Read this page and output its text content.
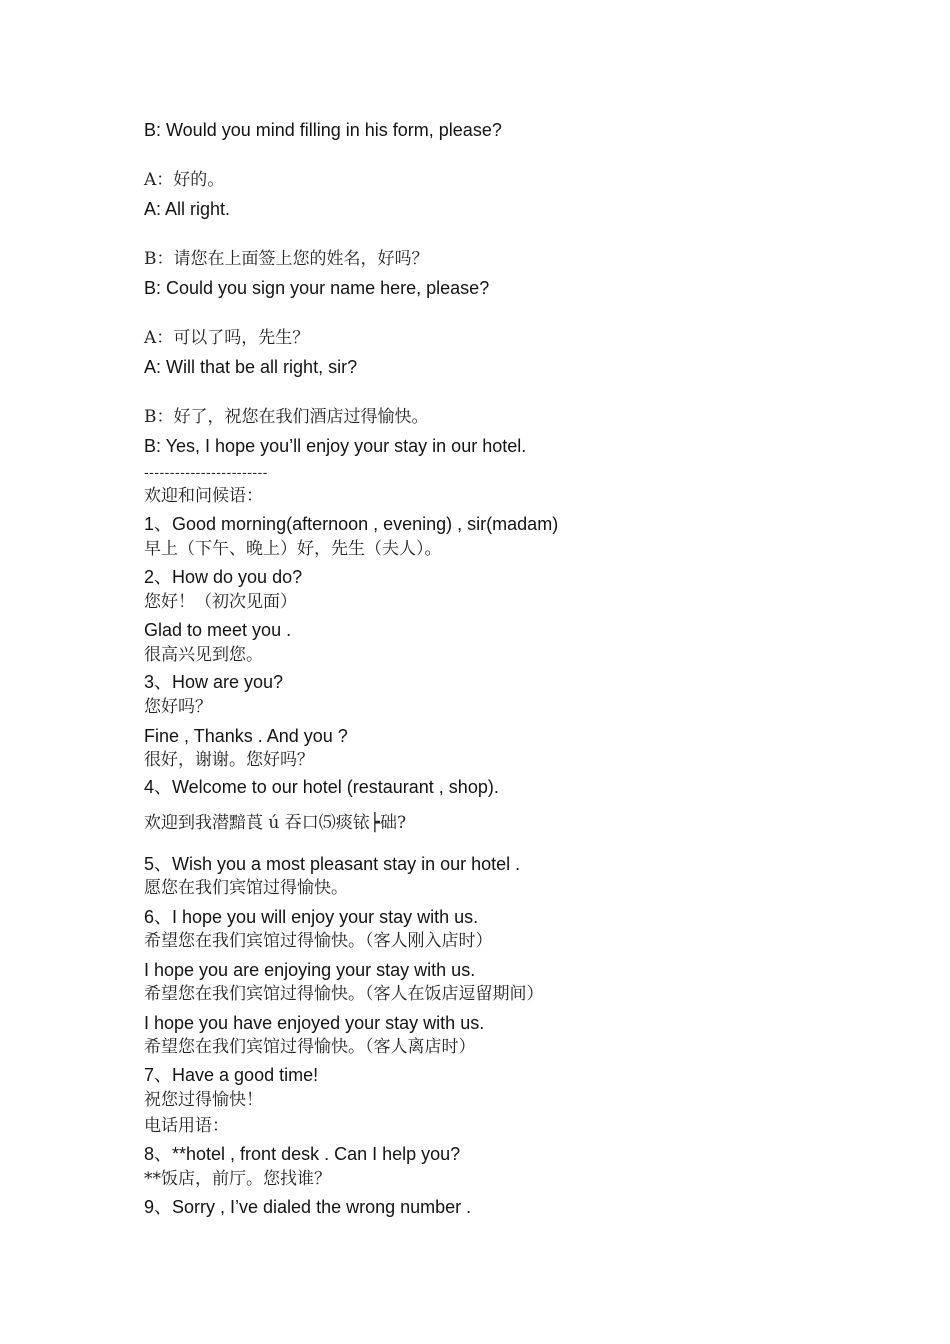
B: Would you mind filling in his form, please?
A：好的。
A: All right.
B：请您在上面签上您的姓名，好吗？
B: Could you sign your name here, please?
A：可以了吗，先生？
A: Will that be all right, sir?
B：好了，祝您在我们酒店过得愉快。
B: Yes, I hope you’ll enjoy your stay in our hotel.
------------------------
欢迎和问候语：
1、Good morning(afternoon , evening) , sir(madam)
早上（下午、晚上）好，先生（夫人）。
2、How do you do?
您好！（初次见面）
Glad to meet you .
很高兴见到您。
3、How are you?
您好吗？
Fine , Thanks . And you ?
很好，谢谢。您好吗？
4、Welcome to our hotel (restaurant , shop).
欢迎到我潜黯莨 ú 吞口⑸痰铱┝础?
5、Wish you a most pleasant stay in our hotel .
愿您在我们宾馆过得愉快。
6、I hope you will enjoy your stay with us.
希望您在我们宾馆过得愉快。（客人刚入店时）
I hope you are enjoying your stay with us.
希望您在我们宾馆过得愉快。（客人在饭店逗留期间）
I hope you have enjoyed your stay with us.
希望您在我们宾馆过得愉快。（客人离店时）
7、Have a good time!
祝您过得愉快！
电话用语：
8、**hotel , front desk . Can I help you?
**饭店，前厅。您找谁？
9、Sorry , I’ve dialed the wrong number .
